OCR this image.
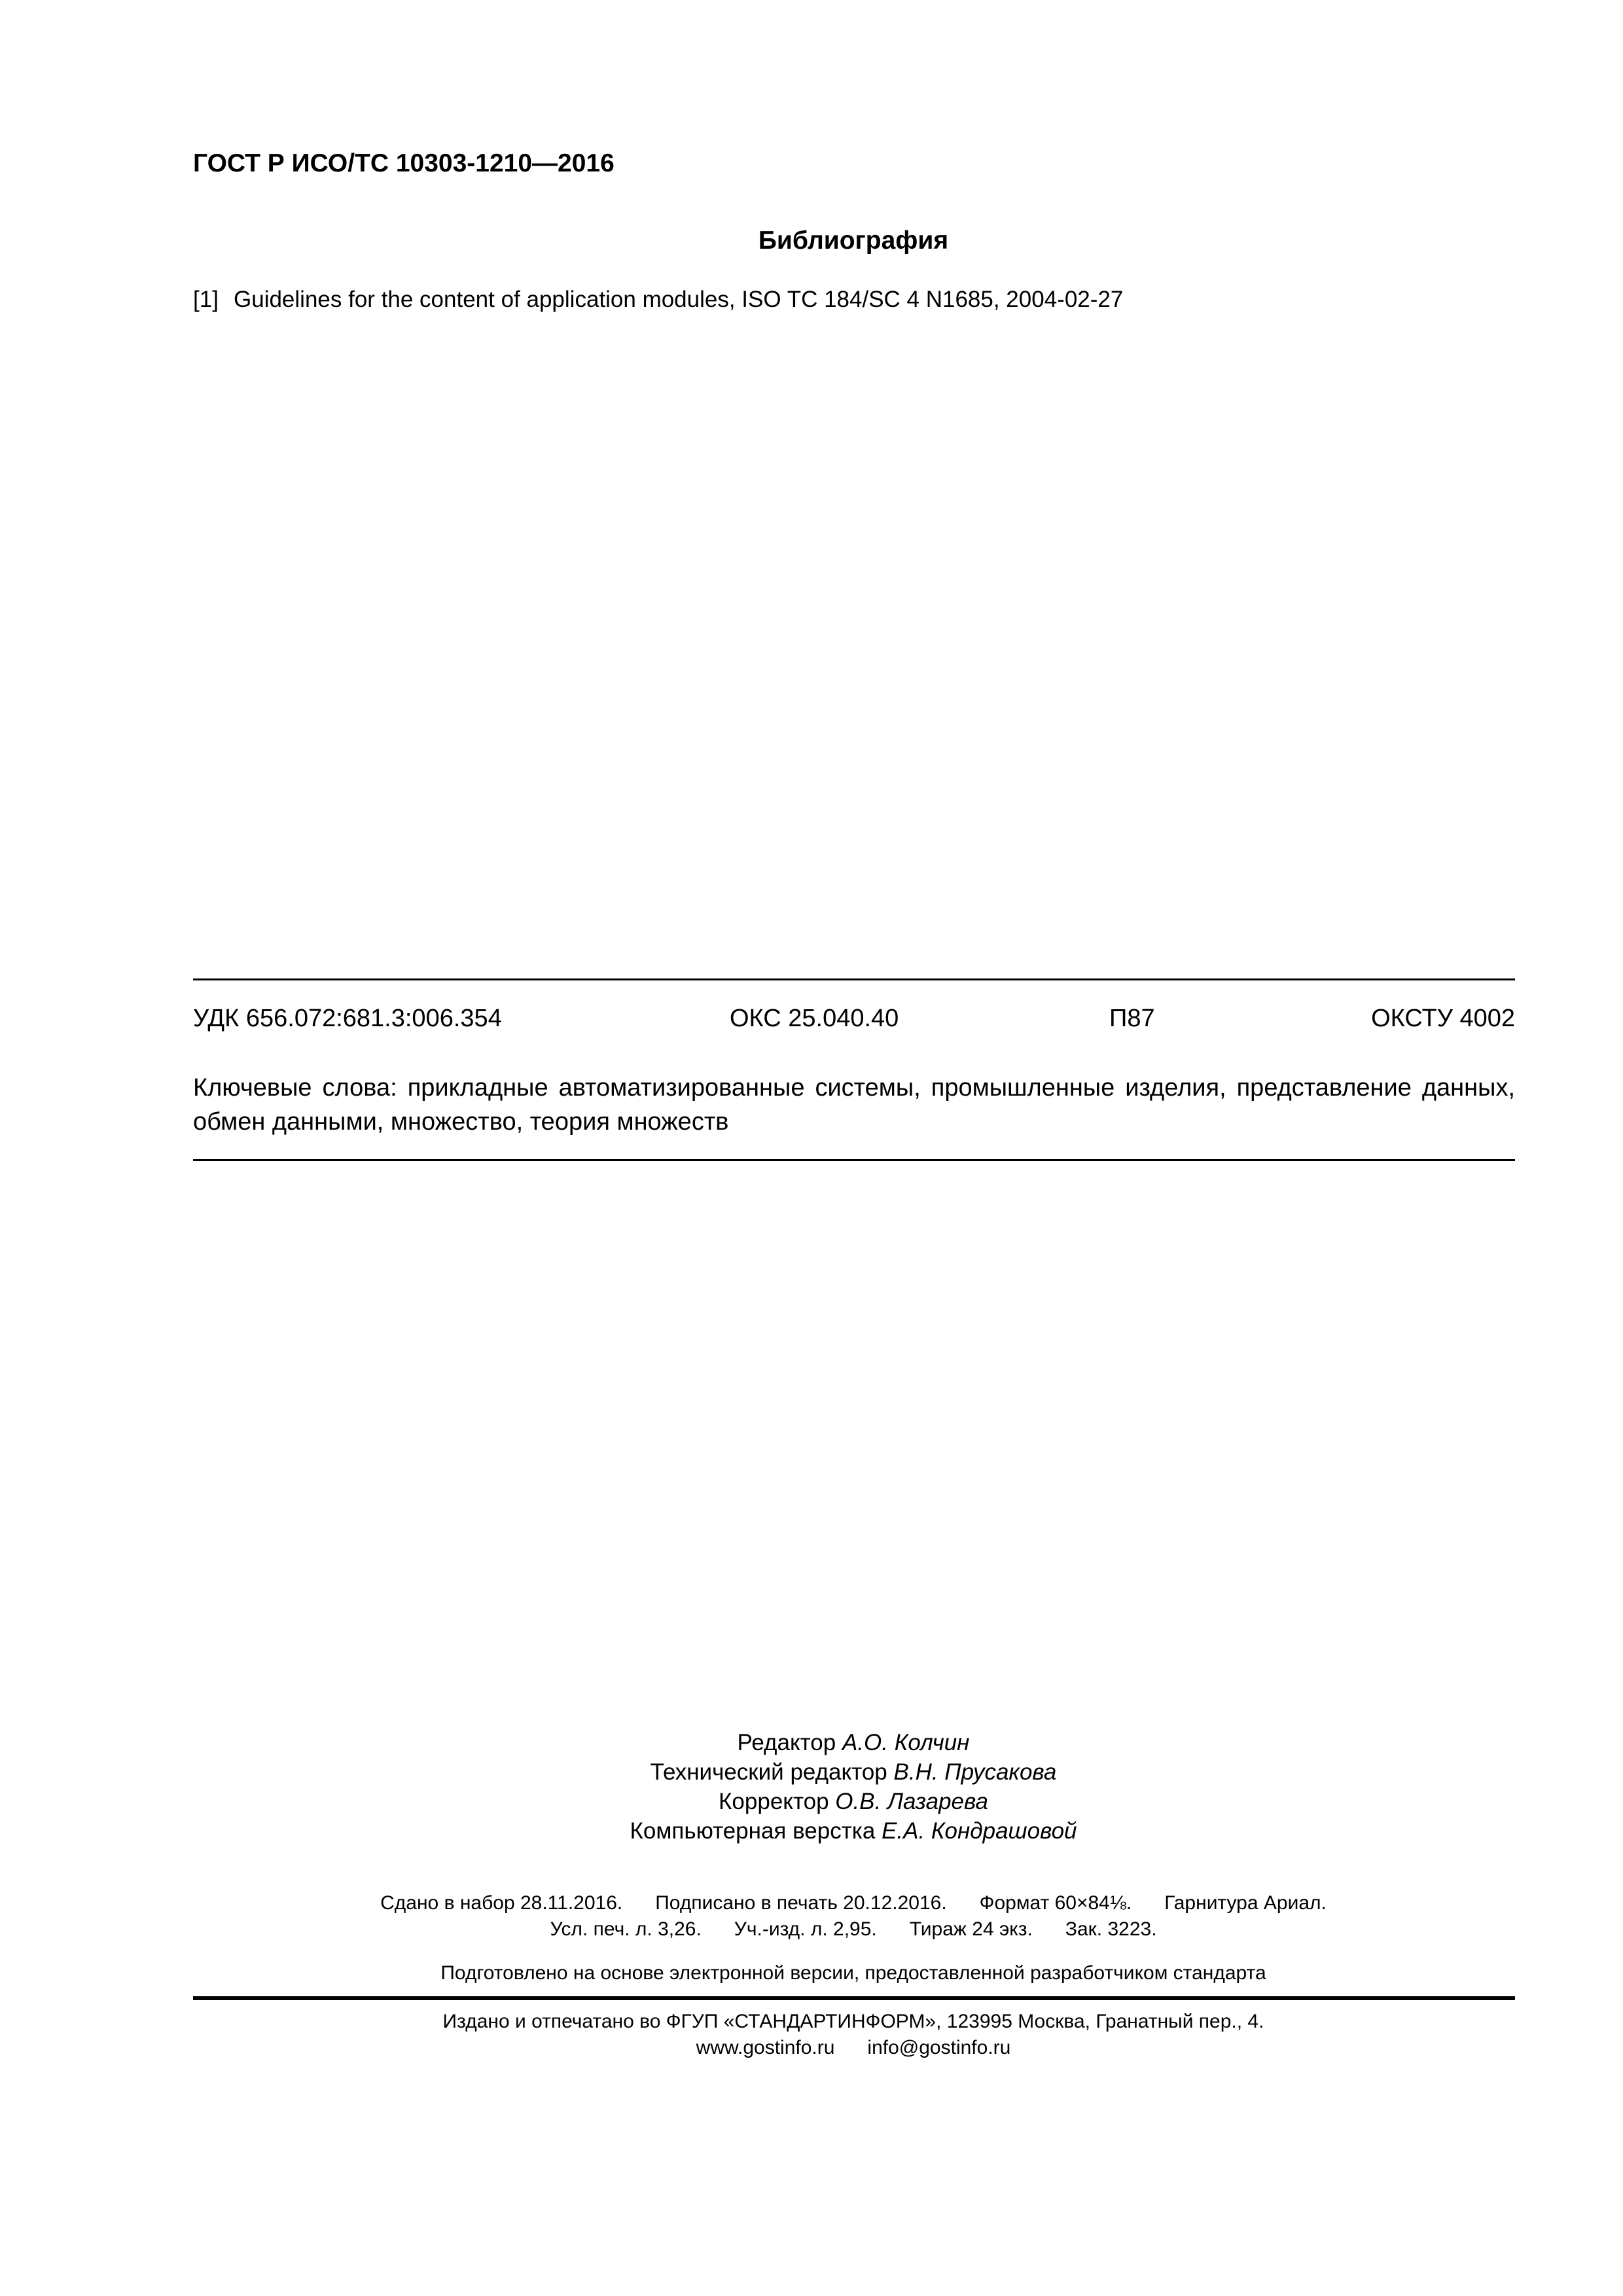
ГОСТ Р ИСО/ТС 10303-1210—2016
Библиография
[1] Guidelines for the content of application modules, ISO TC 184/SC 4 N1685, 2004-02-27
УДК 656.072:681.3:006.354	ОКС 25.040.40	П87	ОКСТУ 4002
Ключевые слова: прикладные автоматизированные системы, промышленные изделия, представление данных, обмен данными, множество, теория множеств
Редактор А.О. Колчин
Технический редактор В.Н. Прусакова
Корректор О.В. Лазарева
Компьютерная верстка Е.А. Кондрашовой
Сдано в набор 28.11.2016.      Подписано в печать 20.12.2016.      Формат 60×84⅛.      Гарнитура Ариал.
Усл. печ. л. 3,26.      Уч.-изд. л. 2,95.      Тираж 24 экз.      Зак. 3223.
Подготовлено на основе электронной версии, предоставленной разработчиком стандарта
Издано и отпечатано во ФГУП «СТАНДАРТИНФОРМ», 123995 Москва, Гранатный пер., 4.
www.gostinfo.ru      info@gostinfo.ru
